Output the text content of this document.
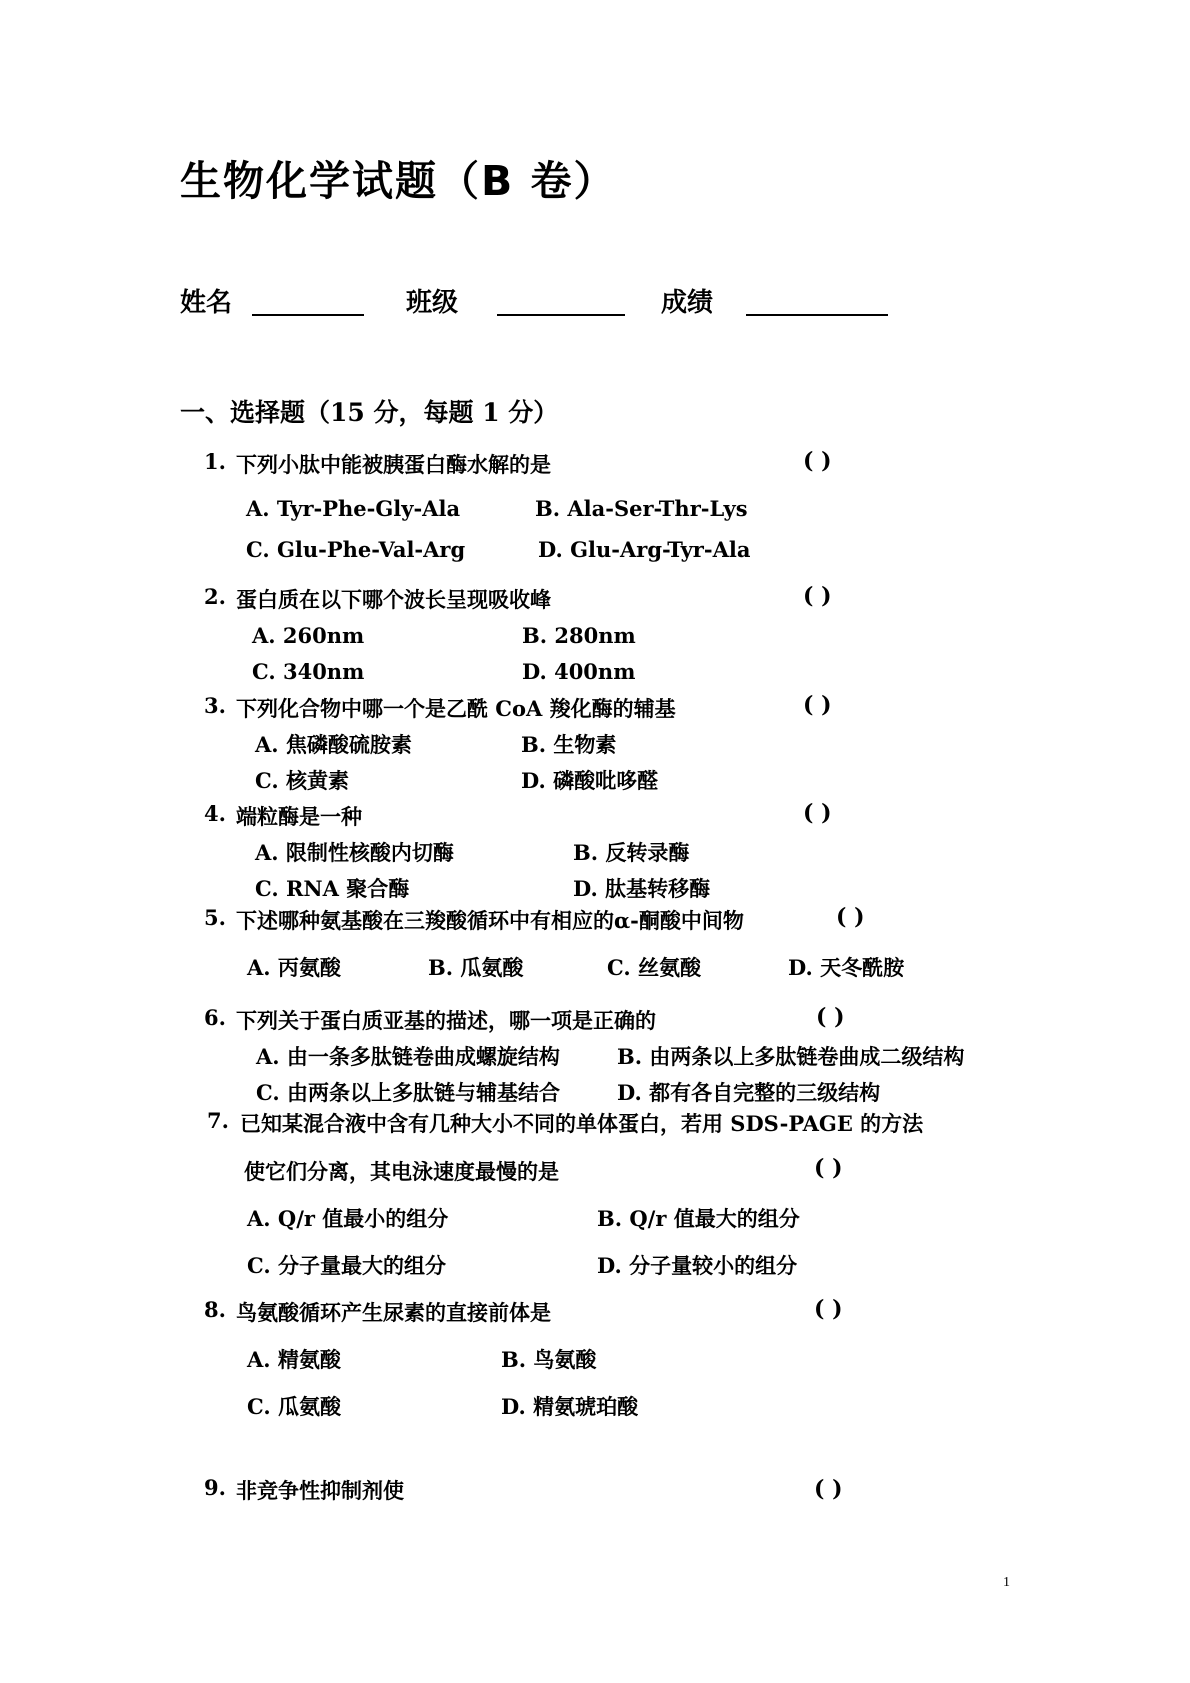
生物化学试题（B 卷）
姓名	班级	成绩
一、选择题（15 分，每题 1 分）
1. 下列小肽中能被胰蛋白酶水解的是	( )
A. Tyr-Phe-Gly-Ala	B. Ala-Ser-Thr-Lys
C. Glu-Phe-Val-Arg	D. Glu-Arg-Tyr-Ala
2. 蛋白质在以下哪个波长呈现吸收峰	( )
A. 260nm	B. 280nm
C. 340nm	D. 400nm
3. 下列化合物中哪一个是乙酰 CoA 羧化酶的辅基	( )
A. 焦磷酸硫胺素	B. 生物素
C. 核黄素	D. 磷酸吡哆醛
4. 端粒酶是一种	( )
A. 限制性核酸内切酶	B. 反转录酶
C. RNA 聚合酶	D. 肽基转移酶
5. 下述哪种氨基酸在三羧酸循环中有相应的α-酮酸中间物	( )
A. 丙氨酸	B. 瓜氨酸	C. 丝氨酸	D. 天冬酰胺
6. 下列关于蛋白质亚基的描述，哪一项是正确的	( )
A. 由一条多肽链卷曲成螺旋结构	B. 由两条以上多肽链卷曲成二级结构
C. 由两条以上多肽链与辅基结合	D. 都有各自完整的三级结构
7. 已知某混合液中含有几种大小不同的单体蛋白，若用 SDS-PAGE 的方法
使它们分离，其电泳速度最慢的是	( )
A. Q/r 值最小的组分	B. Q/r 值最大的组分
C. 分子量最大的组分	D. 分子量较小的组分
8. 鸟氨酸循环产生尿素的直接前体是	( )
A. 精氨酸	B. 鸟氨酸
C. 瓜氨酸	D. 精氨琥珀酸
9. 非竞争性抑制剂使	( )
1
